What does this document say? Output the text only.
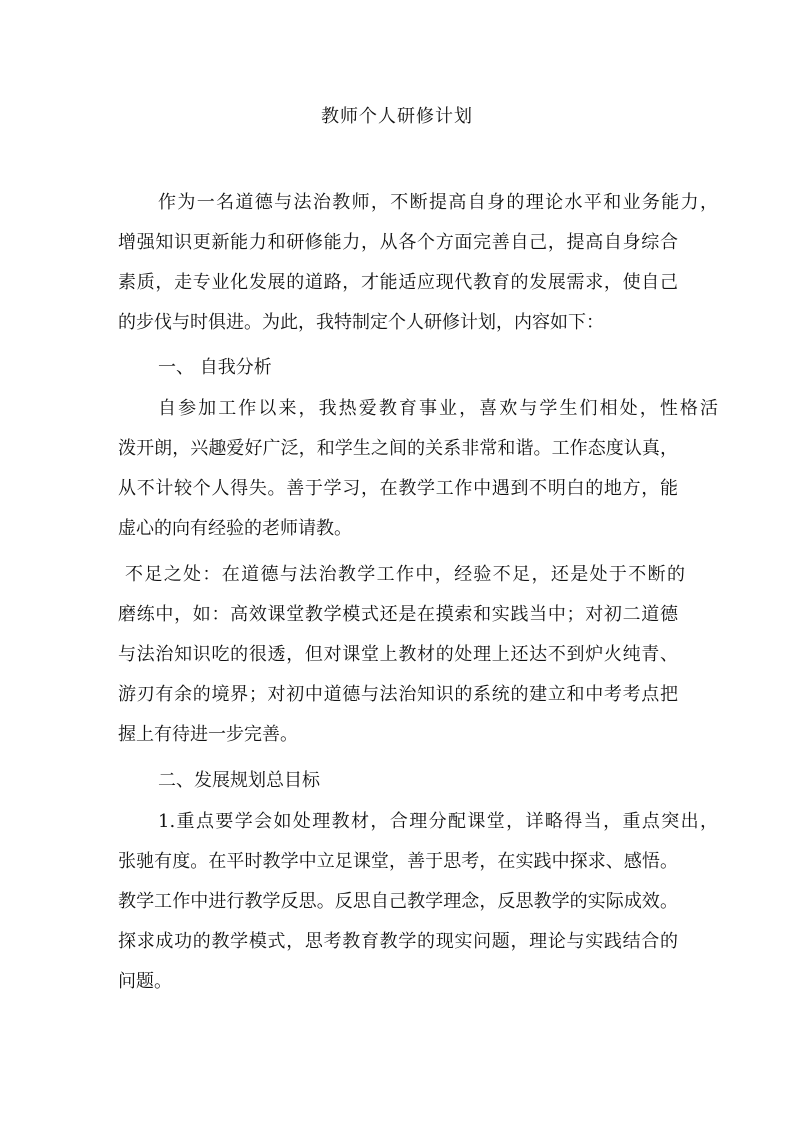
教师个人研修计划
作为一名道德与法治教师，不断提高自身的理论水平和业务能力，
增强知识更新能力和研修能力，从各个方面完善自己，提高自身综合
素质，走专业化发展的道路，才能适应现代教育的发展需求，使自己
的步伐与时俱进。为此，我特制定个人研修计划，内容如下：
一、 自我分析
自参加工作以来，我热爱教育事业，喜欢与学生们相处，性格活
泼开朗，兴趣爱好广泛，和学生之间的关系非常和谐。工作态度认真，
从不计较个人得失。善于学习，在教学工作中遇到不明白的地方，能
虚心的向有经验的老师请教。
不足之处：在道德与法治教学工作中，经验不足，还是处于不断的
磨练中，如：高效课堂教学模式还是在摸索和实践当中；对初二道德
与法治知识吃的很透，但对课堂上教材的处理上还达不到炉火纯青、
游刃有余的境界；对初中道德与法治知识的系统的建立和中考考点把
握上有待进一步完善。
二、发展规划总目标
1.重点要学会如处理教材，合理分配课堂，详略得当，重点突出，
张驰有度。在平时教学中立足课堂，善于思考，在实践中探求、感悟。
教学工作中进行教学反思。反思自己教学理念，反思教学的实际成效。
探求成功的教学模式，思考教育教学的现实问题，理论与实践结合的
问题。
